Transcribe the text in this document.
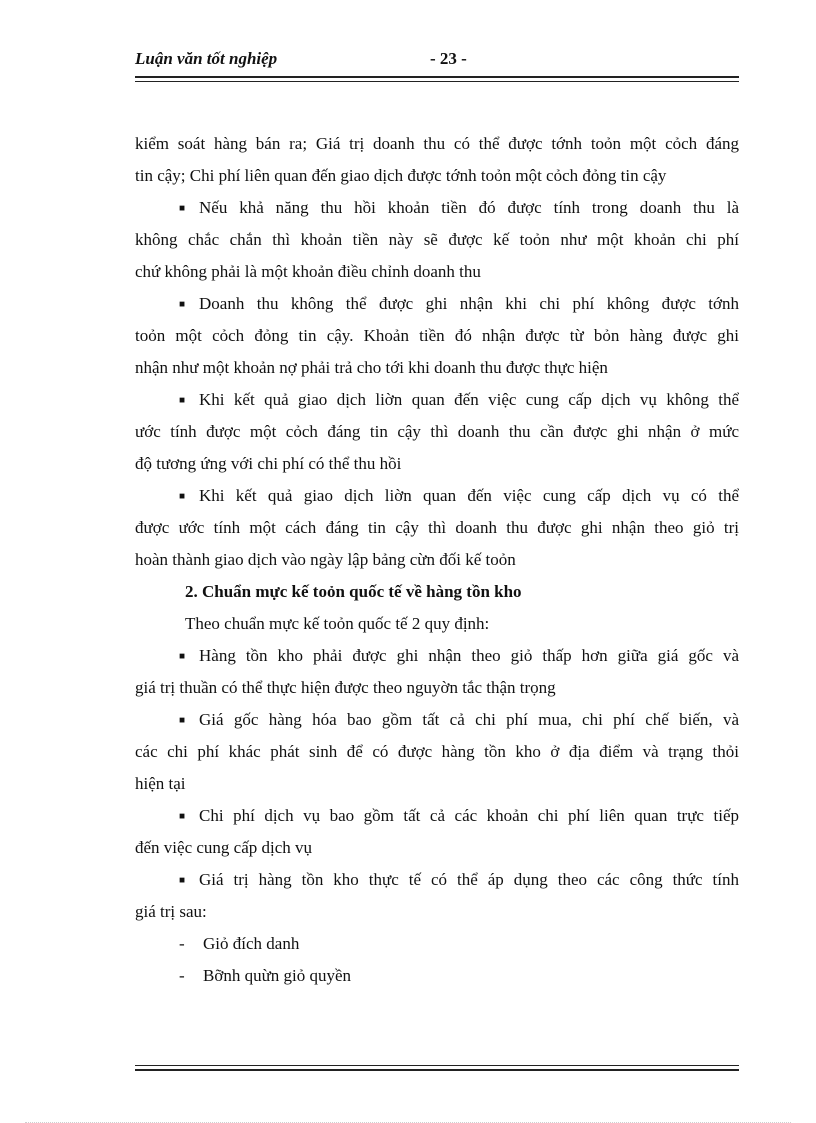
Luận văn tốt nghiệp	- 23 -
kiểm soát hàng bán ra; Giá trị doanh thu có thể được tớnh toỏn một cỏch đáng
tin cậy; Chi phí liên quan đến giao dịch được tớnh toỏn một cỏch đỏng tin cậy
■ Nếu khả năng thu hồi khoản tiền đó được tính trong doanh thu là
không chắc chắn thì khoản tiền này sẽ được kế toỏn như một khoản chi phí
chứ không phải là một khoản điều chỉnh doanh thu
■ Doanh thu không thể được ghi nhận khi chi phí không được tớnh
toỏn một cỏch đỏng tin cậy. Khoản tiền đó nhận được từ bỏn hàng được ghi
nhận như một khoản nợ phải trả cho tới khi doanh thu được thực hiện
■ Khi kết quả giao dịch liờn quan đến việc cung cấp dịch vụ không thể
ước tính được một cỏch đáng tin cậy thì doanh thu cần được ghi nhận ở mức
độ tương ứng với chi phí có thể thu hồi
■ Khi kết quả giao dịch liờn quan đến việc cung cấp dịch vụ có thể
được ước tính một cách đáng tin cậy thì doanh thu được ghi nhận theo giỏ trị
hoàn thành giao dịch vào ngày lập bảng cừn đối kế toỏn
2. Chuẩn mực kế toỏn quốc tế về hàng tồn kho
Theo chuẩn mực kế toỏn quốc tế 2 quy định:
■ Hàng tồn kho phải được ghi nhận theo giỏ thấp hơn giữa giá gốc và
giá trị thuần có thể thực hiện được theo nguyờn tắc thận trọng
■ Giá gốc hàng hóa bao gồm tất cả chi phí mua, chi phí chế biến, và
các chi phí khác phát sinh để có được hàng tồn kho ở địa điểm và trạng thỏi
hiện tại
■ Chi phí dịch vụ bao gồm tất cả các khoản chi phí liên quan trực tiếp
đến việc cung cấp dịch vụ
■ Giá trị hàng tồn kho thực tế có thể áp dụng theo các công thức tính
giá trị sau:
- Giỏ đích danh
- Bỡnh quừn giỏ quyền
